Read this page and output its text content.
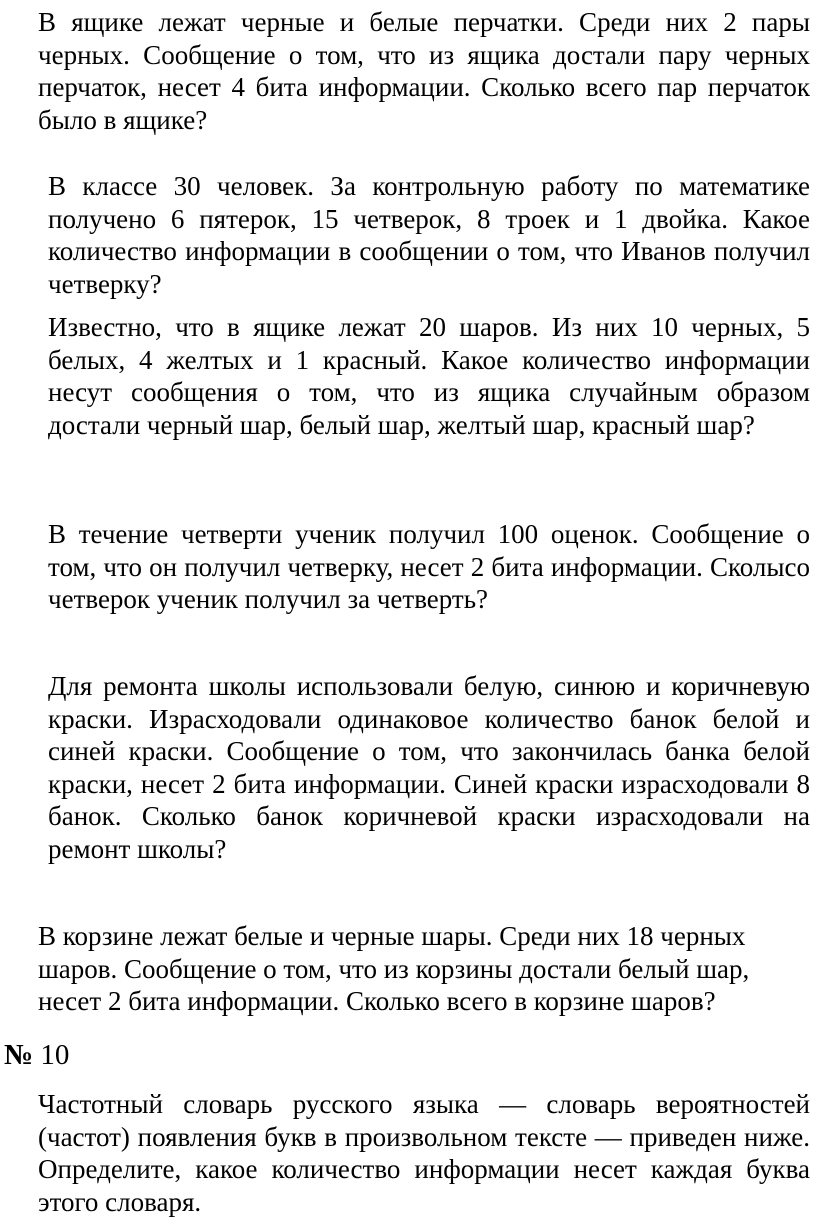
В ящике лежат черные и белые перчатки. Среди них 2 пары черных. Сообщение о том, что из ящика достали пару черных перчаток, несет 4 бита информации. Сколько всего пар перчаток было в ящике?

В классе 30 человек. За контрольную работу по математике получено 6 пятерок, 15 четверок, 8 троек и 1 двойка. Какое количество информации в сообщении о том, что Иванов получил четверку?

Известно, что в ящике лежат 20 шаров. Из них 10 черных, 5 белых, 4 желтых и 1 красный. Какое количество информации несут сообщения о том, что из ящика случайным образом достали черный шар, белый шар, желтый шар, красный шар?

В течение четверти ученик получил 100 оценок. Сообщение о том, что он получил четверку, несет 2 бита информации. Сколысо четверок ученик получил за четверть?

Для ремонта школы использовали белую, синюю и коричневую краски. Израсходовали одинаковое количество банок белой и синей краски. Сообщение о том, что закончилась банка белой краски, несет 2 бита информации. Синей краски израсходовали 8 банок. Сколько банок коричневой краски израсходовали на ремонт школы?

В корзине лежат белые и черные шары. Среди них 18 черных шаров. Сообщение о том, что из корзины достали белый шар, несет 2 бита информации. Сколько всего в корзине шаров?

№ 10

Частотный словарь русского языка — словарь вероятностей (частот) появления букв в произвольном тексте — приведен ниже. Определите, какое количество информации несет каждая буква этого словаря.
